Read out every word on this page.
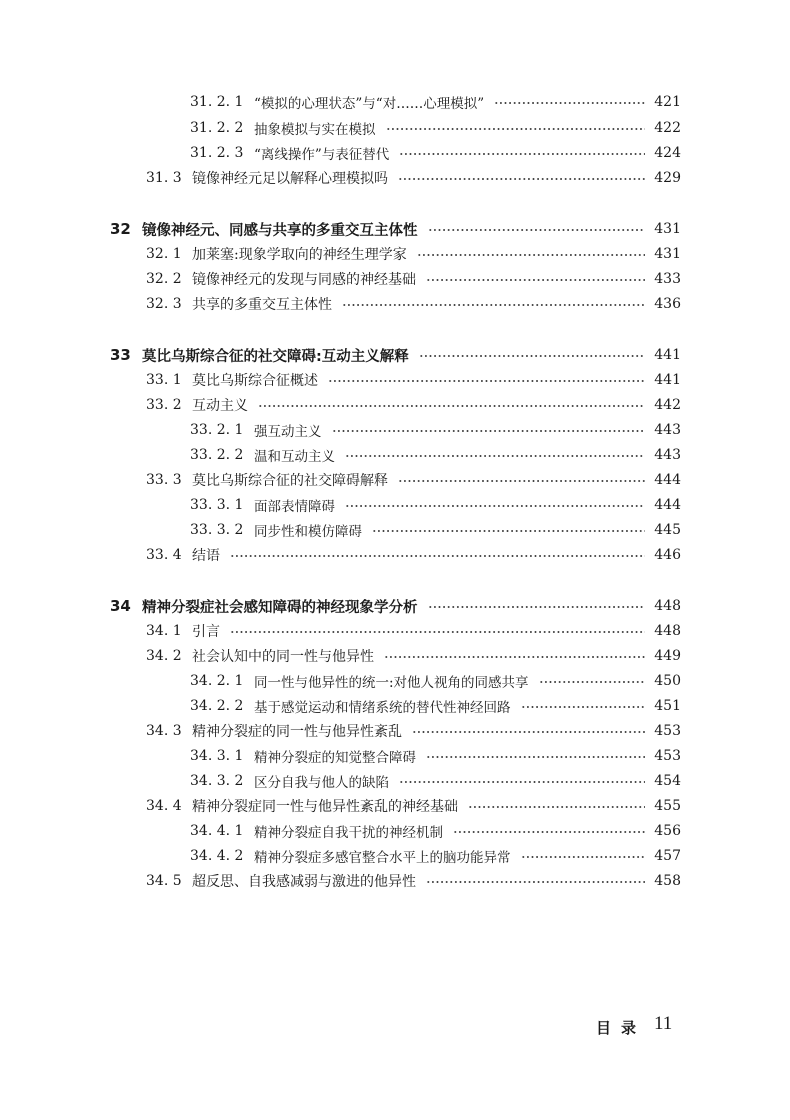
31. 2. 1 “模拟的心理状态”与“对……心理模拟”	421
31. 2. 2 抽象模拟与实在模拟	422
31. 2. 3 “离线操作”与表征替代	424
31. 3 镜像神经元足以解释心理模拟吗	429
32 镜像神经元、同感与共享的多重交互主体性	431
32. 1 加莱塞:现象学取向的神经生理学家	431
32. 2 镜像神经元的发现与同感的神经基础	433
32. 3 共享的多重交互主体性	436
33 莫比乌斯综合征的社交障碍:互动主义解释	441
33. 1 莫比乌斯综合征概述	441
33. 2 互动主义	442
33. 2. 1 强互动主义	443
33. 2. 2 温和互动主义	443
33. 3 莫比乌斯综合征的社交障碍解释	444
33. 3. 1 面部表情障碍	444
33. 3. 2 同步性和模仿障碍	445
33. 4 结语	446
34 精神分裂症社会感知障碍的神经现象学分析	448
34. 1 引言	448
34. 2 社会认知中的同一性与他异性	449
34. 2. 1 同一性与他异性的统一:对他人视角的同感共享	450
34. 2. 2 基于感觉运动和情绪系统的替代性神经回路	451
34. 3 精神分裂症的同一性与他异性紊乱	453
34. 3. 1 精神分裂症的知觉整合障碍	453
34. 3. 2 区分自我与他人的缺陷	454
34. 4 精神分裂症同一性与他异性紊乱的神经基础	455
34. 4. 1 精神分裂症自我干扰的神经机制	456
34. 4. 2 精神分裂症多感官整合水平上的脑功能异常	457
34. 5 超反思、自我感减弱与激进的他异性	458
目录 11
